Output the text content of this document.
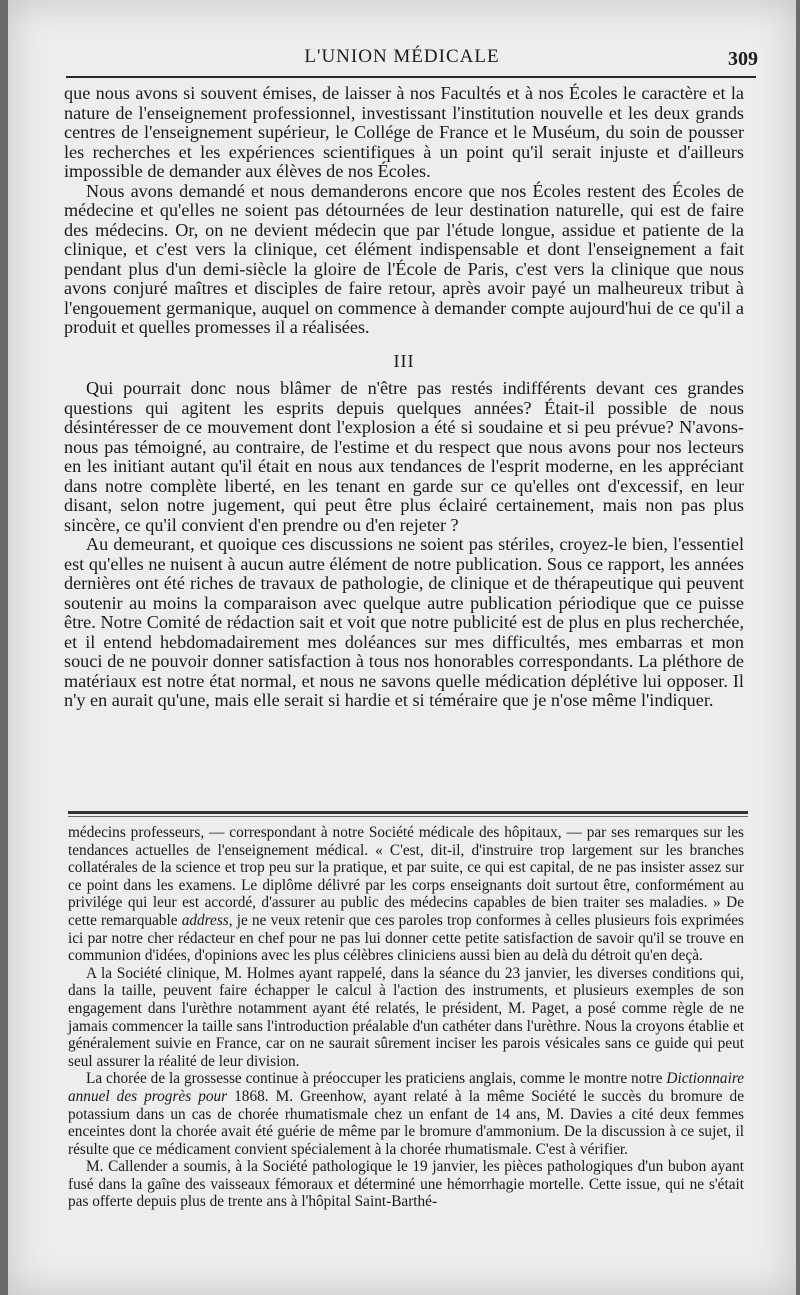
L'UNION MÉDICALE	309

que nous avons si souvent émises, de laisser à nos Facultés et à nos Écoles le caractère et la nature de l'enseignement professionnel, investissant l'institution nouvelle et les deux grands centres de l'enseignement supérieur, le Collége de France et le Muséum, du soin de pousser les recherches et les expériences scientifiques à un point qu'il serait injuste et d'ailleurs impossible de demander aux élèves de nos Écoles.

Nous avons demandé et nous demanderons encore que nos Écoles restent des Écoles de médecine et qu'elles ne soient pas détournées de leur destination naturelle, qui est de faire des médecins. Or, on ne devient médecin que par l'étude longue, assidue et patiente de la clinique, et c'est vers la clinique, cet élément indispensable et dont l'enseignement a fait pendant plus d'un demi-siècle la gloire de l'École de Paris, c'est vers la clinique que nous avons conjuré maîtres et disciples de faire retour, après avoir payé un malheureux tribut à l'engouement germanique, auquel on commence à demander compte aujourd'hui de ce qu'il a produit et quelles promesses il a réalisées.

III

Qui pourrait donc nous blâmer de n'être pas restés indifférents devant ces grandes questions qui agitent les esprits depuis quelques années? Était-il possible de nous désintéresser de ce mouvement dont l'explosion a été si soudaine et si peu prévue? N'avons-nous pas témoigné, au contraire, de l'estime et du respect que nous avons pour nos lecteurs en les initiant autant qu'il était en nous aux tendances de l'esprit moderne, en les appréciant dans notre complète liberté, en les tenant en garde sur ce qu'elles ont d'excessif, en leur disant, selon notre jugement, qui peut être plus éclairé certainement, mais non pas plus sincère, ce qu'il convient d'en prendre ou d'en rejeter ?

Au demeurant, et quoique ces discussions ne soient pas stériles, croyez-le bien, l'essentiel est qu'elles ne nuisent à aucun autre élément de notre publication. Sous ce rapport, les années dernières ont été riches de travaux de pathologie, de clinique et de thérapeutique qui peuvent soutenir au moins la comparaison avec quelque autre publication périodique que ce puisse être. Notre Comité de rédaction sait et voit que notre publicité est de plus en plus recherchée, et il entend hebdomadairement mes doléances sur mes difficultés, mes embarras et mon souci de ne pouvoir donner satisfaction à tous nos honorables correspondants. La pléthore de matériaux est notre état normal, et nous ne savons quelle médication déplétive lui opposer. Il n'y en aurait qu'une, mais elle serait si hardie et si téméraire que je n'ose même l'indiquer.

médecins professeurs, — correspondant à notre Société médicale des hôpitaux, — par ses remarques sur les tendances actuelles de l'enseignement médical. « C'est, dit-il, d'instruire trop largement sur les branches collatérales de la science et trop peu sur la pratique, et par suite, ce qui est capital, de ne pas insister assez sur ce point dans les examens. Le diplôme délivré par les corps enseignants doit surtout être, conformément au privilége qui leur est accordé, d'assurer au public des médecins capables de bien traiter ses maladies. » De cette remarquable address, je ne veux retenir que ces paroles trop conformes à celles plusieurs fois exprimées ici par notre cher rédacteur en chef pour ne pas lui donner cette petite satisfaction de savoir qu'il se trouve en communion d'idées, d'opinions avec les plus célèbres cliniciens aussi bien au delà du détroit qu'en deçà.

A la Société clinique, M. Holmes ayant rappelé, dans la séance du 23 janvier, les diverses conditions qui, dans la taille, peuvent faire échapper le calcul à l'action des instruments, et plusieurs exemples de son engagement dans l'urèthre notamment ayant été relatés, le président, M. Paget, a posé comme règle de ne jamais commencer la taille sans l'introduction préalable d'un cathéter dans l'urèthre. Nous la croyons établie et généralement suivie en France, car on ne saurait sûrement inciser les parois vésicales sans ce guide qui peut seul assurer la réalité de leur division.

La chorée de la grossesse continue à préoccuper les praticiens anglais, comme le montre notre Dictionnaire annuel des progrès pour 1868. M. Greenhow, ayant relaté à la même Société le succès du bromure de potassium dans un cas de chorée rhumatismale chez un enfant de 14 ans, M. Davies a cité deux femmes enceintes dont la chorée avait été guérie de même par le bromure d'ammonium. De la discussion à ce sujet, il résulte que ce médicament convient spécialement à la chorée rhumatismale. C'est à vérifier.

M. Callender a soumis, à la Société pathologique le 19 janvier, les pièces pathologiques d'un bubon ayant fusé dans la gaîne des vaisseaux fémoraux et déterminé une hémorrhagie mortelle. Cette issue, qui ne s'était pas offerte depuis plus de trente ans à l'hôpital Saint-Barthé-
